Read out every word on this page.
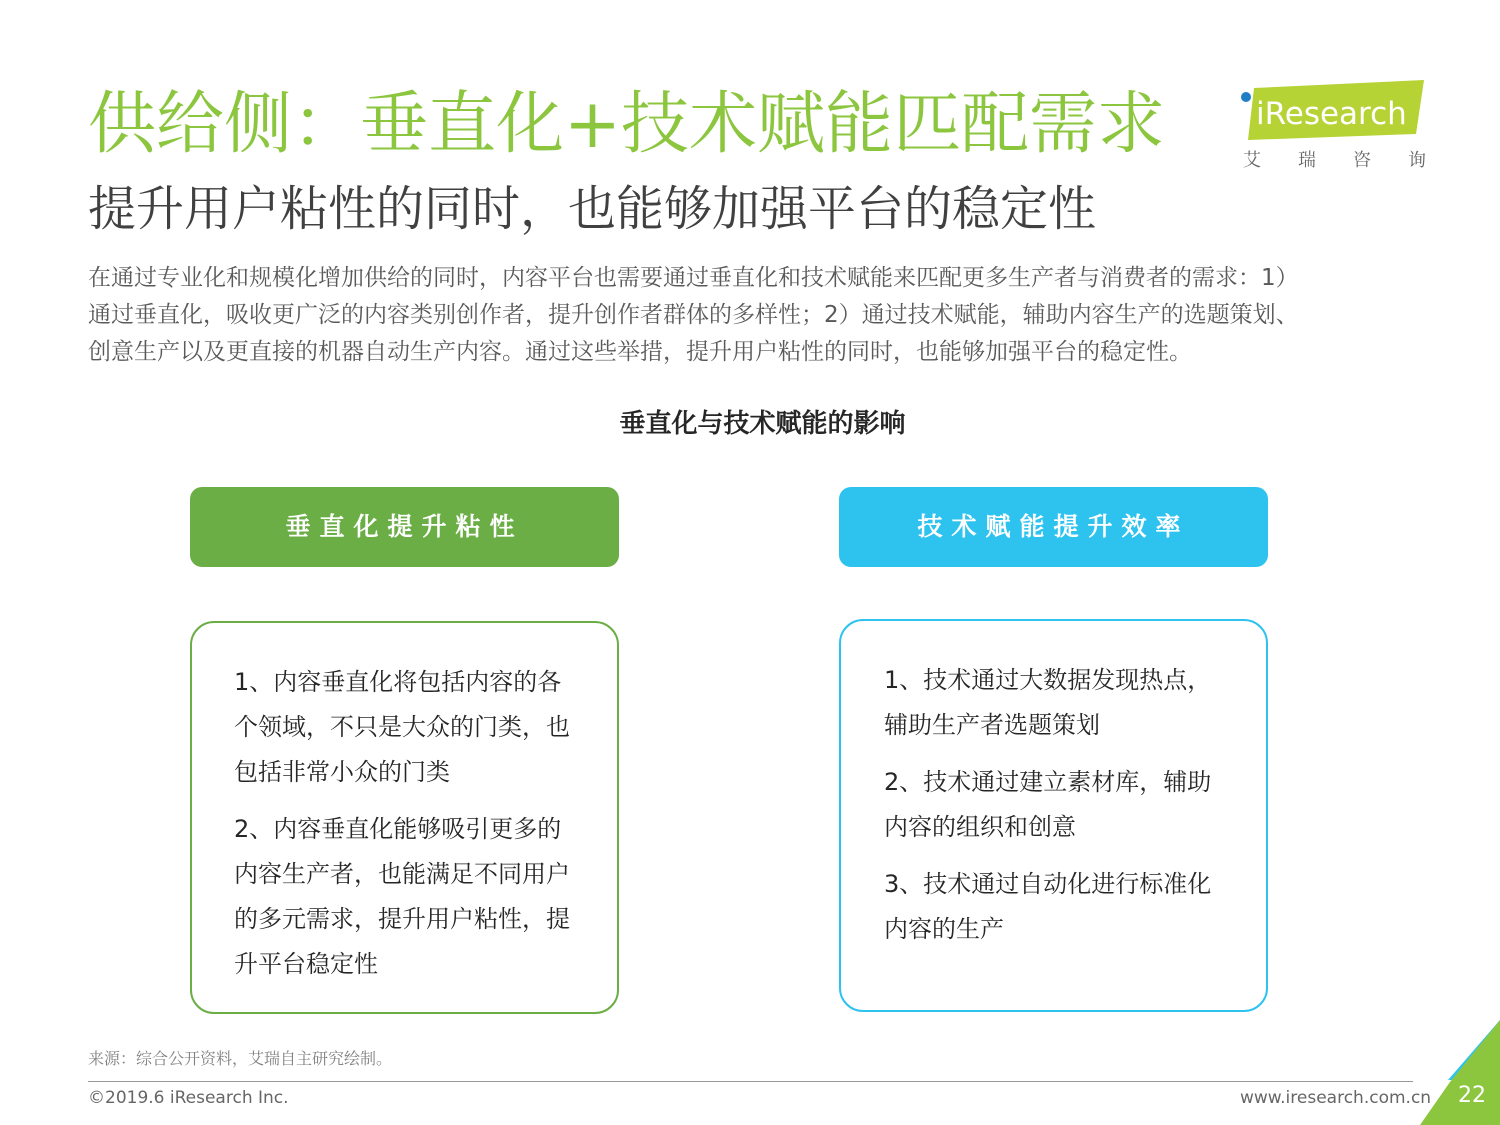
供给侧：垂直化+技术赋能匹配需求
提升用户粘性的同时，也能够加强平台的稳定性
在通过专业化和规模化增加供给的同时，内容平台也需要通过垂直化和技术赋能来匹配更多生产者与消费者的需求：1）
通过垂直化，吸收更广泛的内容类别创作者，提升创作者群体的多样性；2）通过技术赋能，辅助内容生产的选题策划、
创意生产以及更直接的机器自动生产内容。通过这些举措，提升用户粘性的同时，也能够加强平台的稳定性。
垂直化与技术赋能的影响
垂直化提升粘性	技术赋能提升效率

1、内容垂直化将包括内容的各个领域，不只是大众的门类，也包括非常小众的门类

2、内容垂直化能够吸引更多的内容生产者，也能满足不同用户的多元需求，提升用户粘性，提升平台稳定性

1、技术通过大数据发现热点，辅助生产者选题策划

2、技术通过建立素材库，辅助内容的组织和创意

3、技术通过自动化进行标准化内容的生产

iResearch
艾瑞咨询
来源：综合公开资料，艾瑞自主研究绘制。
©2019.6 iResearch Inc.	www.iresearch.com.cn	22
